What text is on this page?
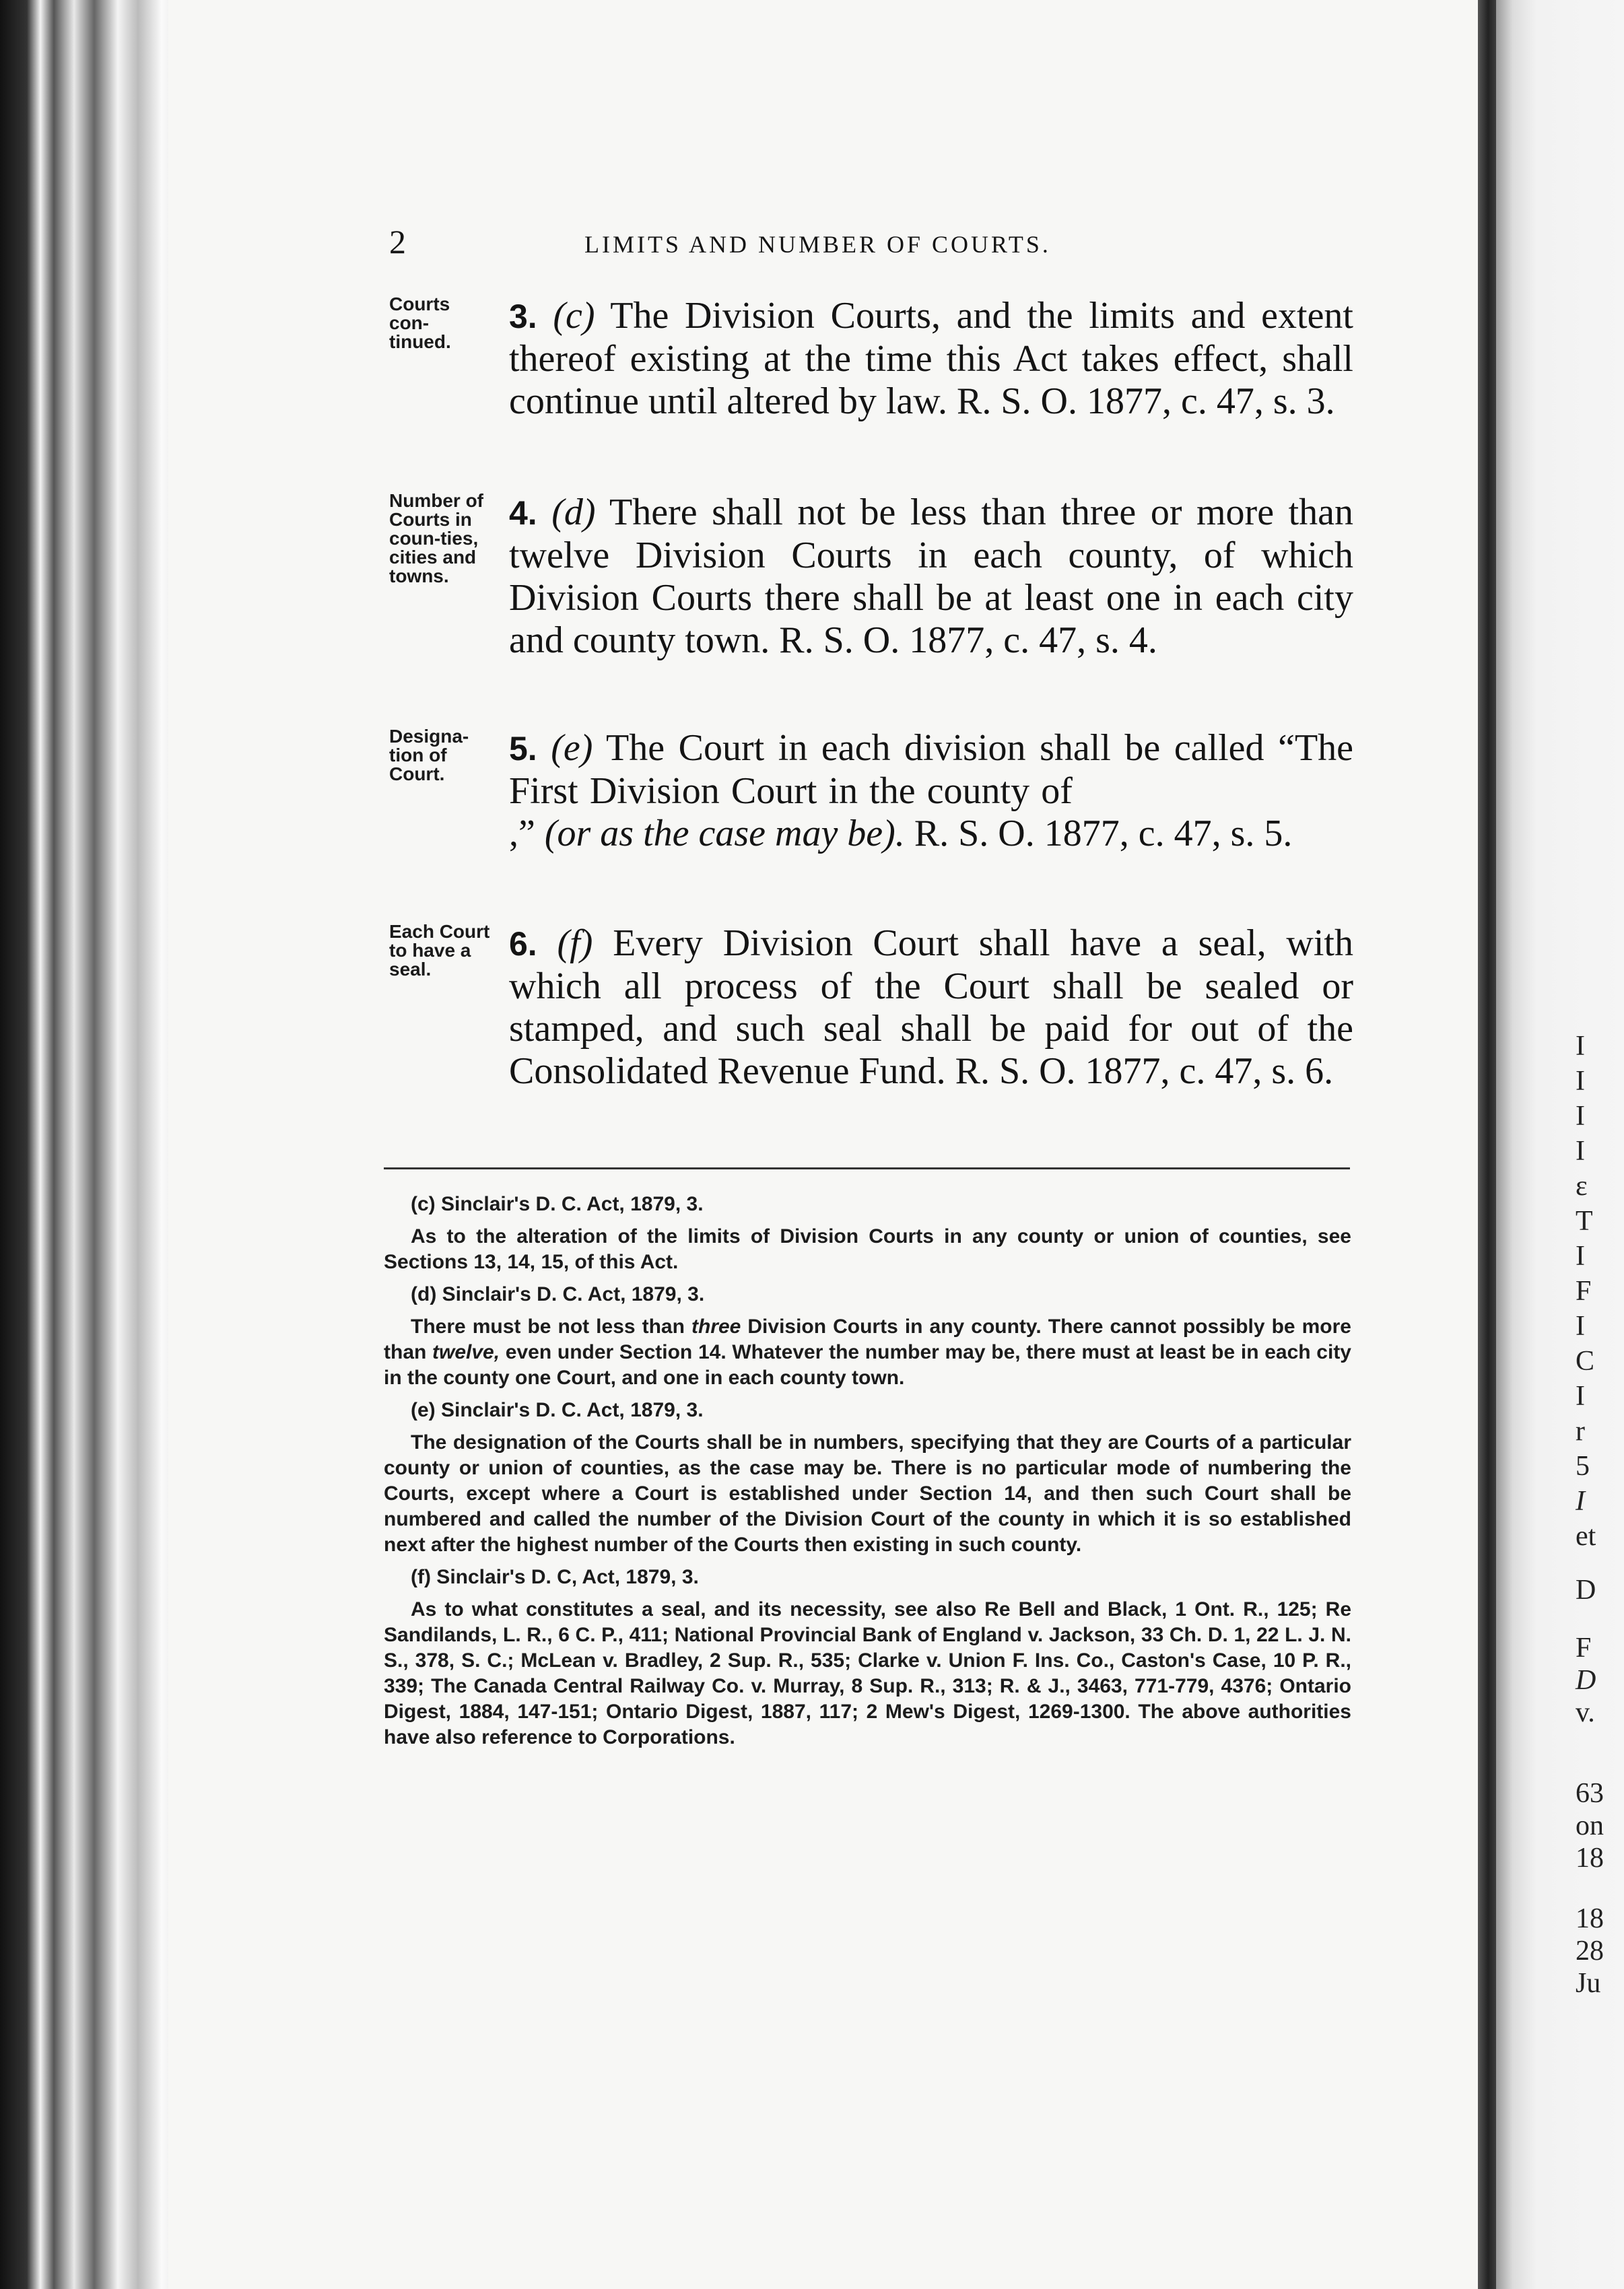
I
I
I
I
ε
T
I
F
I
C
I
r
5
I
et
D
F
D
v.
63
on
18
18
28
Ju
2	LIMITS AND NUMBER OF COURTS.
Courts con-tinued.
3. (c) The Division Courts, and the limits and extent thereof existing at the time this Act takes effect, shall continue until altered by law. R. S. O. 1877, c. 47, s. 3.
Number of Courts in coun-ties, cities and towns.
4. (d) There shall not be less than three or more than twelve Division Courts in each county, of which Division Courts there shall be at least one in each city and county town. R. S. O. 1877, c. 47, s. 4.
Designa-tion of Court.
5. (e) The Court in each division shall be called “The First Division Court in the county of ,” (or as the case may be). R. S. O. 1877, c. 47, s. 5.
Each Court to have a seal.
6. (f) Every Division Court shall have a seal, with which all process of the Court shall be sealed or stamped, and such seal shall be paid for out of the Consolidated Revenue Fund. R. S. O. 1877, c. 47, s. 6.

(c) Sinclair's D. C. Act, 1879, 3.

As to the alteration of the limits of Division Courts in any county or union of counties, see Sections 13, 14, 15, of this Act.

(d) Sinclair's D. C. Act, 1879, 3.

There must be not less than three Division Courts in any county. There cannot possibly be more than twelve, even under Section 14. Whatever the number may be, there must at least be in each city in the county one Court, and one in each county town.

(e) Sinclair's D. C. Act, 1879, 3.

The designation of the Courts shall be in numbers, specifying that they are Courts of a particular county or union of counties, as the case may be. There is no particular mode of numbering the Courts, except where a Court is established under Section 14, and then such Court shall be numbered and called the number of the Division Court of the county in which it is so established next after the highest number of the Courts then existing in such county.

(f) Sinclair's D. C, Act, 1879, 3.

As to what constitutes a seal, and its necessity, see also Re Bell and Black, 1 Ont. R., 125; Re Sandilands, L. R., 6 C. P., 411; National Provincial Bank of England v. Jackson, 33 Ch. D. 1, 22 L. J. N. S., 378, S. C.; McLean v. Bradley, 2 Sup. R., 535; Clarke v. Union F. Ins. Co., Caston's Case, 10 P. R., 339; The Canada Central Railway Co. v. Murray, 8 Sup. R., 313; R. & J., 3463, 771-779, 4376; Ontario Digest, 1884, 147-151; Ontario Digest, 1887, 117; 2 Mew's Digest, 1269-1300. The above authorities have also reference to Corporations.
